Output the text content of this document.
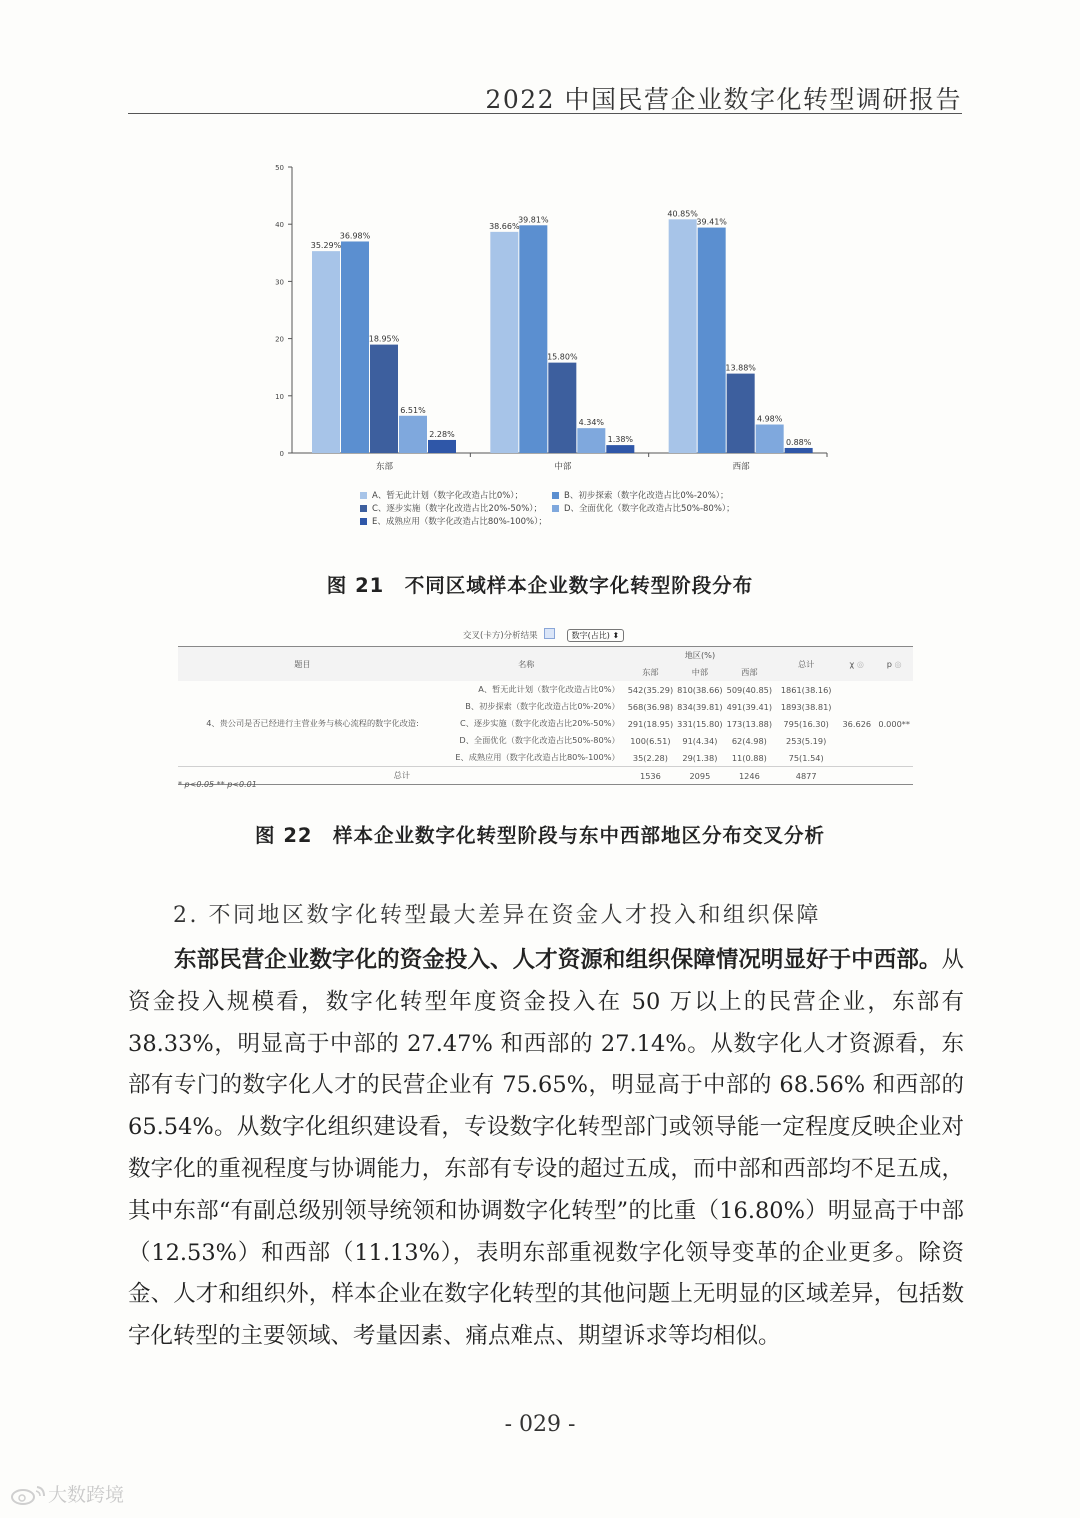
2022 中国民营企业数字化转型调研报告
0
10
20
30
40
50
35.29%
36.98%
18.95%
6.51%
2.28%
东部
38.66%
39.81%
15.80%
4.34%
1.38%
中部
40.85%
39.41%
13.88%
4.98%
0.88%
西部
A、暂无此计划（数字化改造占比0%）；	B、初步探索（数字化改造占比0%-20%）；
C、逐步实施（数字化改造占比20%-50%）；	D、全面优化（数字化改造占比50%-80%）；
E、成熟应用（数字化改造占比80%-100%）；
图 21　不同区域样本企业数字化转型阶段分布
交叉(卡方)分析结果	数字(占比) ⬍
题目	名称	地区(%)			总计	χ ◎	p ◎
		东部	中部	西部			
4、贵公司是否已经进行主营业务与核心流程的数字化改造:	A、暂无此计划（数字化改造占比0%）	542(35.29)	810(38.66)	509(40.85)	1861(38.16)	36.626	0.000**
	B、初步探索（数字化改造占比0%-20%）	568(36.98)	834(39.81)	491(39.41)	1893(38.81)		
	C、逐步实施（数字化改造占比20%-50%）	291(18.95)	331(15.80)	173(13.88)	795(16.30)		
	D、全面优化（数字化改造占比50%-80%）	100(6.51)	91(4.34)	62(4.98)	253(5.19)		
	E、成熟应用（数字化改造占比80%-100%）	35(2.28)	29(1.38)	11(0.88)	75(1.54)		
总计		1536	2095	1246	4877		
* p<0.05 ** p<0.01
图 22　样本企业数字化转型阶段与东中西部地区分布交叉分析
2. 不同地区数字化转型最大差异在资金人才投入和组织保障

东部民营企业数字化的资金投入、人才资源和组织保障情况明显好于中西部。从资金投入规模看，数字化转型年度资金投入在 50 万以上的民营企业，东部有 38.33%，明显高于中部的 27.47% 和西部的 27.14%。从数字化人才资源看，东部有专门的数字化人才的民营企业有 75.65%，明显高于中部的 68.56% 和西部的 65.54%。从数字化组织建设看，专设数字化转型部门或领导能一定程度反映企业对数字化的重视程度与协调能力，东部有专设的超过五成，而中部和西部均不足五成，其中东部“有副总级别领导统领和协调数字化转型”的比重（16.80%）明显高于中部（12.53%）和西部（11.13%），表明东部重视数字化领导变革的企业更多。除资金、人才和组织外，样本企业在数字化转型的其他问题上无明显的区域差异，包括数字化转型的主要领域、考量因素、痛点难点、期望诉求等均相似。

- 029 -
大数跨境
